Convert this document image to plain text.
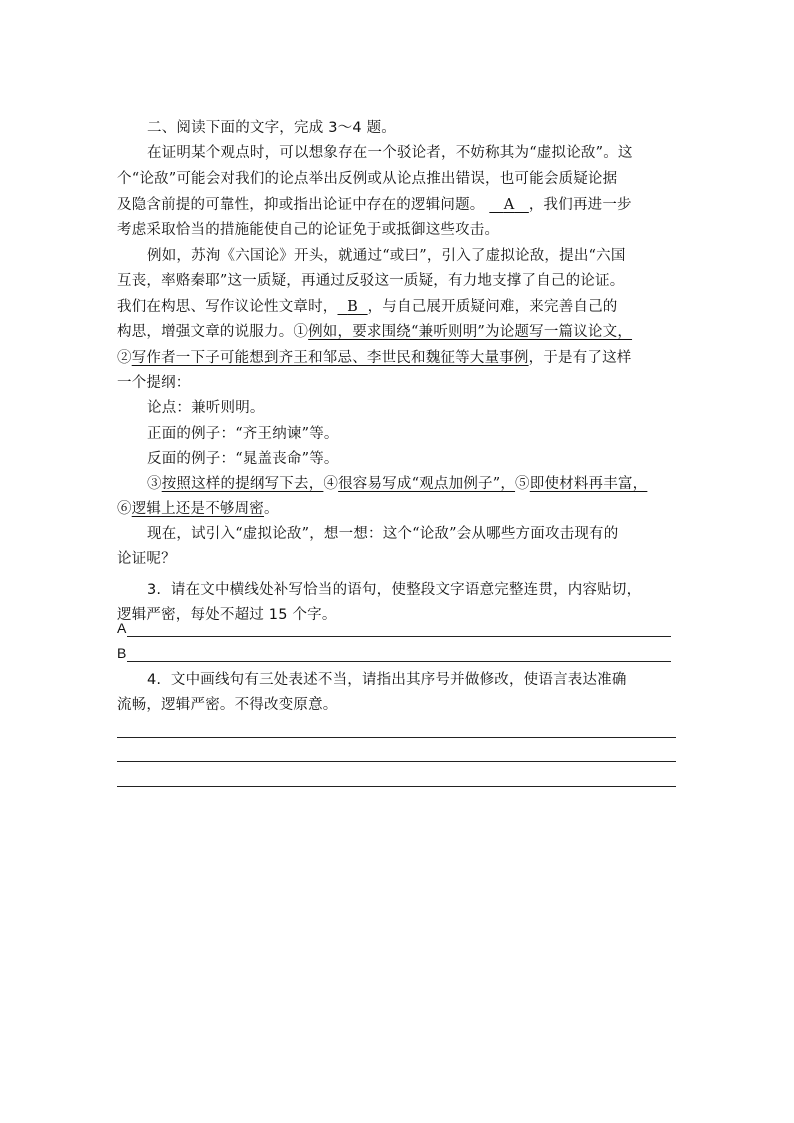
二、阅读下面的文字，完成 3～4 题。
在证明某个观点时，可以想象存在一个驳论者，不妨称其为“虚拟论敌”。这
个“论敌”可能会对我们的论点举出反例或从论点推出错误，也可能会质疑论据
及隐含前提的可靠性，抑或指出论证中存在的逻辑问题。 A ，我们再进一步
考虑采取恰当的措施能使自己的论证免于或抵御这些攻击。
例如，苏洵《六国论》开头，就通过“或曰”，引入了虚拟论敌，提出“六国
互丧，率赂秦耶”这一质疑，再通过反驳这一质疑，有力地支撑了自己的论证。
我们在构思、写作议论性文章时， B ，与自己展开质疑问难，来完善自己的
构思，增强文章的说服力。①例如，要求围绕“兼听则明”为论题写一篇议论文，
②写作者一下子可能想到齐王和邹忌、李世民和魏征等大量事例，于是有了这样
一个提纲：
论点：兼听则明。
正面的例子：“齐王纳谏”等。
反面的例子：“晁盖丧命”等。
③按照这样的提纲写下去，④很容易写成“观点加例子”，⑤即使材料再丰富，
⑥逻辑上还是不够周密。
现在，试引入“虚拟论敌”，想一想：这个“论敌”会从哪些方面攻击现有的
论证呢？
3. 请在文中横线处补写恰当的语句，使整段文字语意完整连贯，内容贴切，
逻辑严密，每处不超过 15 个字。
A
B
4. 文中画线句有三处表述不当，请指出其序号并做修改，使语言表达准确
流畅，逻辑严密。不得改变原意。
